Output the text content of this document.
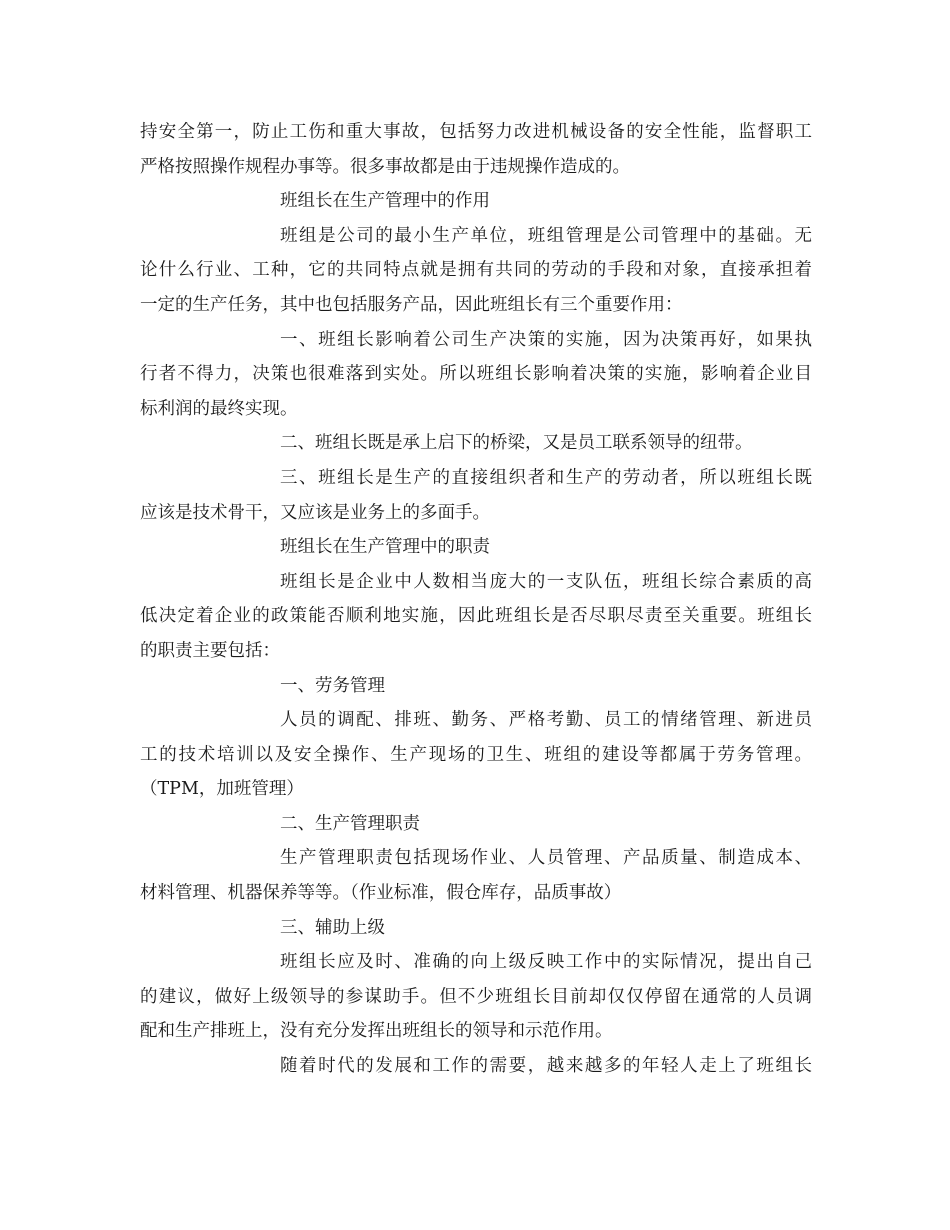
持安全第一，防止工伤和重大事故，包括努力改进机械设备的安全性能，监督职工
严格按照操作规程办事等。很多事故都是由于违规操作造成的。
班组长在生产管理中的作用
班组是公司的最小生产单位，班组管理是公司管理中的基础。无
论什么行业、工种，它的共同特点就是拥有共同的劳动的手段和对象，直接承担着
一定的生产任务，其中也包括服务产品，因此班组长有三个重要作用：
一、班组长影响着公司生产决策的实施，因为决策再好，如果执
行者不得力，决策也很难落到实处。所以班组长影响着决策的实施，影响着企业目
标利润的最终实现。
二、班组长既是承上启下的桥梁，又是员工联系领导的纽带。
三、班组长是生产的直接组织者和生产的劳动者，所以班组长既
应该是技术骨干，又应该是业务上的多面手。
班组长在生产管理中的职责
班组长是企业中人数相当庞大的一支队伍，班组长综合素质的高
低决定着企业的政策能否顺利地实施，因此班组长是否尽职尽责至关重要。班组长
的职责主要包括：
一、劳务管理
人员的调配、排班、勤务、严格考勤、员工的情绪管理、新进员
工的技术培训以及安全操作、生产现场的卫生、班组的建设等都属于劳务管理。
（TPM，加班管理）
二、生产管理职责
生产管理职责包括现场作业、人员管理、产品质量、制造成本、
材料管理、机器保养等等。（作业标准，假仓库存，品质事故）
三、辅助上级
班组长应及时、准确的向上级反映工作中的实际情况，提出自己
的建议，做好上级领导的参谋助手。但不少班组长目前却仅仅停留在通常的人员调
配和生产排班上，没有充分发挥出班组长的领导和示范作用。
随着时代的发展和工作的需要，越来越多的年轻人走上了班组长
